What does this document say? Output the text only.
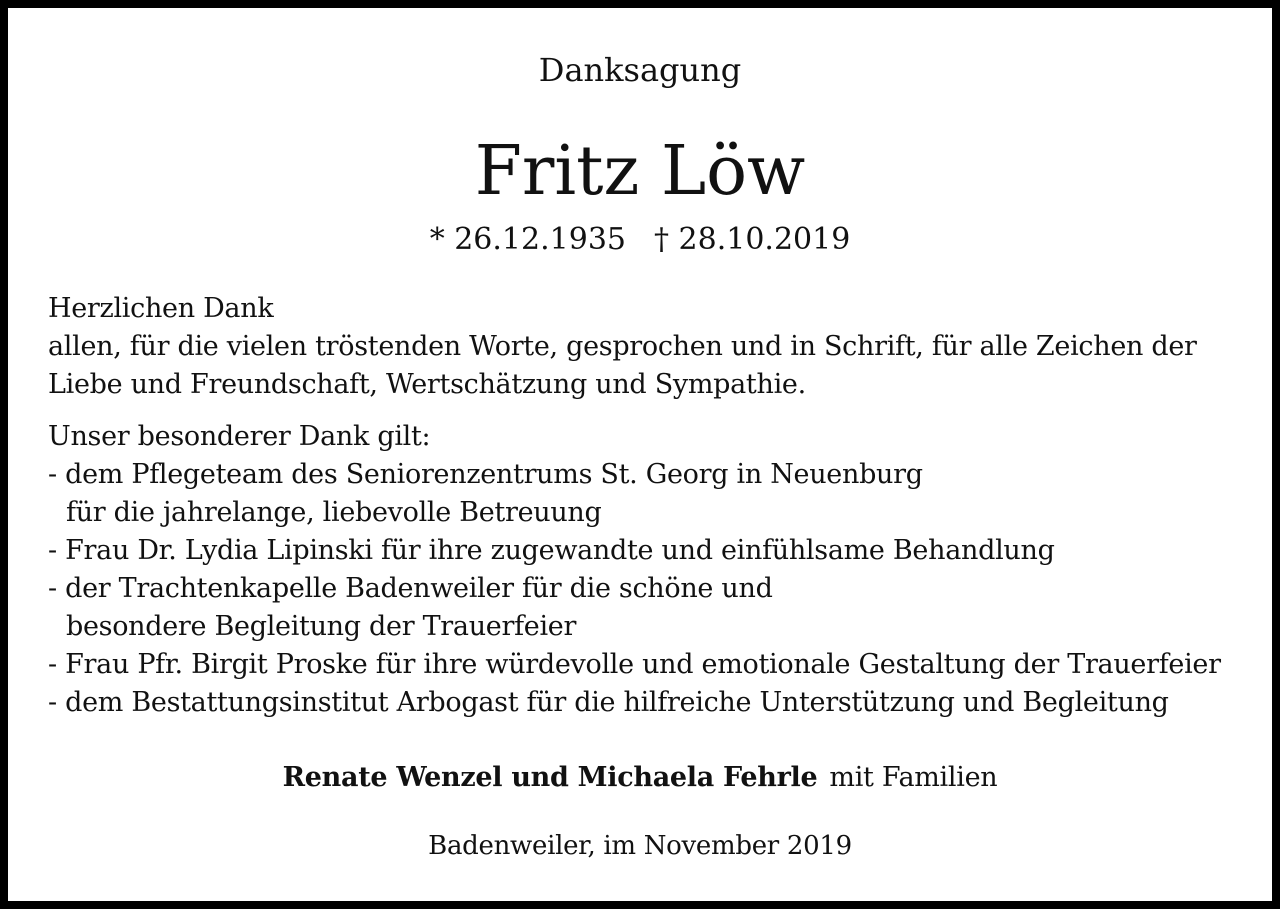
Danksagung
Fritz Löw
* 26.12.1935 † 28.10.2019

Herzlichen Dank

allen, für die vielen tröstenden Worte, gesprochen und in Schrift, für alle Zeichen der

Liebe und Freundschaft, Wertschätzung und Sympathie.

Unser besonderer Dank gilt:

- dem Pflegeteam des Seniorenzentrums St. Georg in Neuenburg

für die jahrelange, liebevolle Betreuung

- Frau Dr. Lydia Lipinski für ihre zugewandte und einfühlsame Behandlung

- der Trachtenkapelle Badenweiler für die schöne und

besondere Begleitung der Trauerfeier

- Frau Pfr. Birgit Proske für ihre würdevolle und emotionale Gestaltung der Trauerfeier

- dem Bestattungsinstitut Arbogast für die hilfreiche Unterstützung und Begleitung

Renate Wenzel und Michaela Fehrle mit Familien
Badenweiler, im November 2019
